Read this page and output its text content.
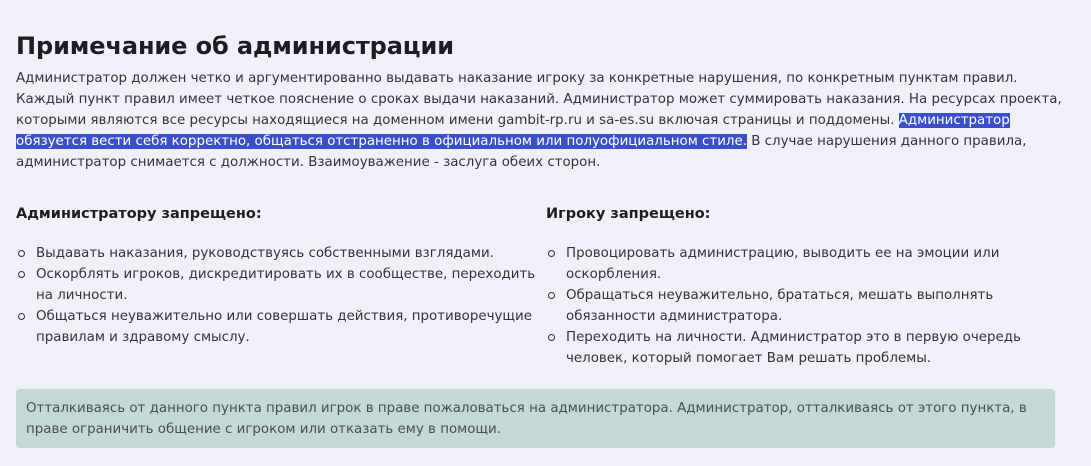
Примечание об администрации

Администратор должен четко и аргументированно выдавать наказание игроку за конкретные нарушения, по конкретным пунктам правил. Каждый пункт правил имеет четкое пояснение о сроках выдачи наказаний. Администратор может суммировать наказания. На ресурсах проекта, которыми являются все ресурсы находящиеся на доменном имени gambit-rp.ru и sa-es.su включая страницы и поддомены. Администратор обязуется вести себя корректно, общаться отстраненно в официальном или полуофициальном стиле. В случае нарушения данного правила, администратор снимается с должности. Взаимоуважение - заслуга обеих сторон.

Администратору запрещено:
Выдавать наказания, руководствуясь собственными взглядами.
Оскорблять игроков, дискредитировать их в сообществе, переходить на личности.
Общаться неуважительно или совершать действия, противоречущие правилам и здравому смыслу.
Игроку запрещено:
Провоцировать администрацию, выводить ее на эмоции или оскорбления.
Обращаться неуважительно, брататься, мешать выполнять обязанности администратора.
Переходить на личности. Администратор это в первую очередь человек, который помогает Вам решать проблемы.
Отталкиваясь от данного пункта правил игрок в праве пожаловаться на администратора. Администратор, отталкиваясь от этого пункта, в праве ограничить общение с игроком или отказать ему в помощи.
